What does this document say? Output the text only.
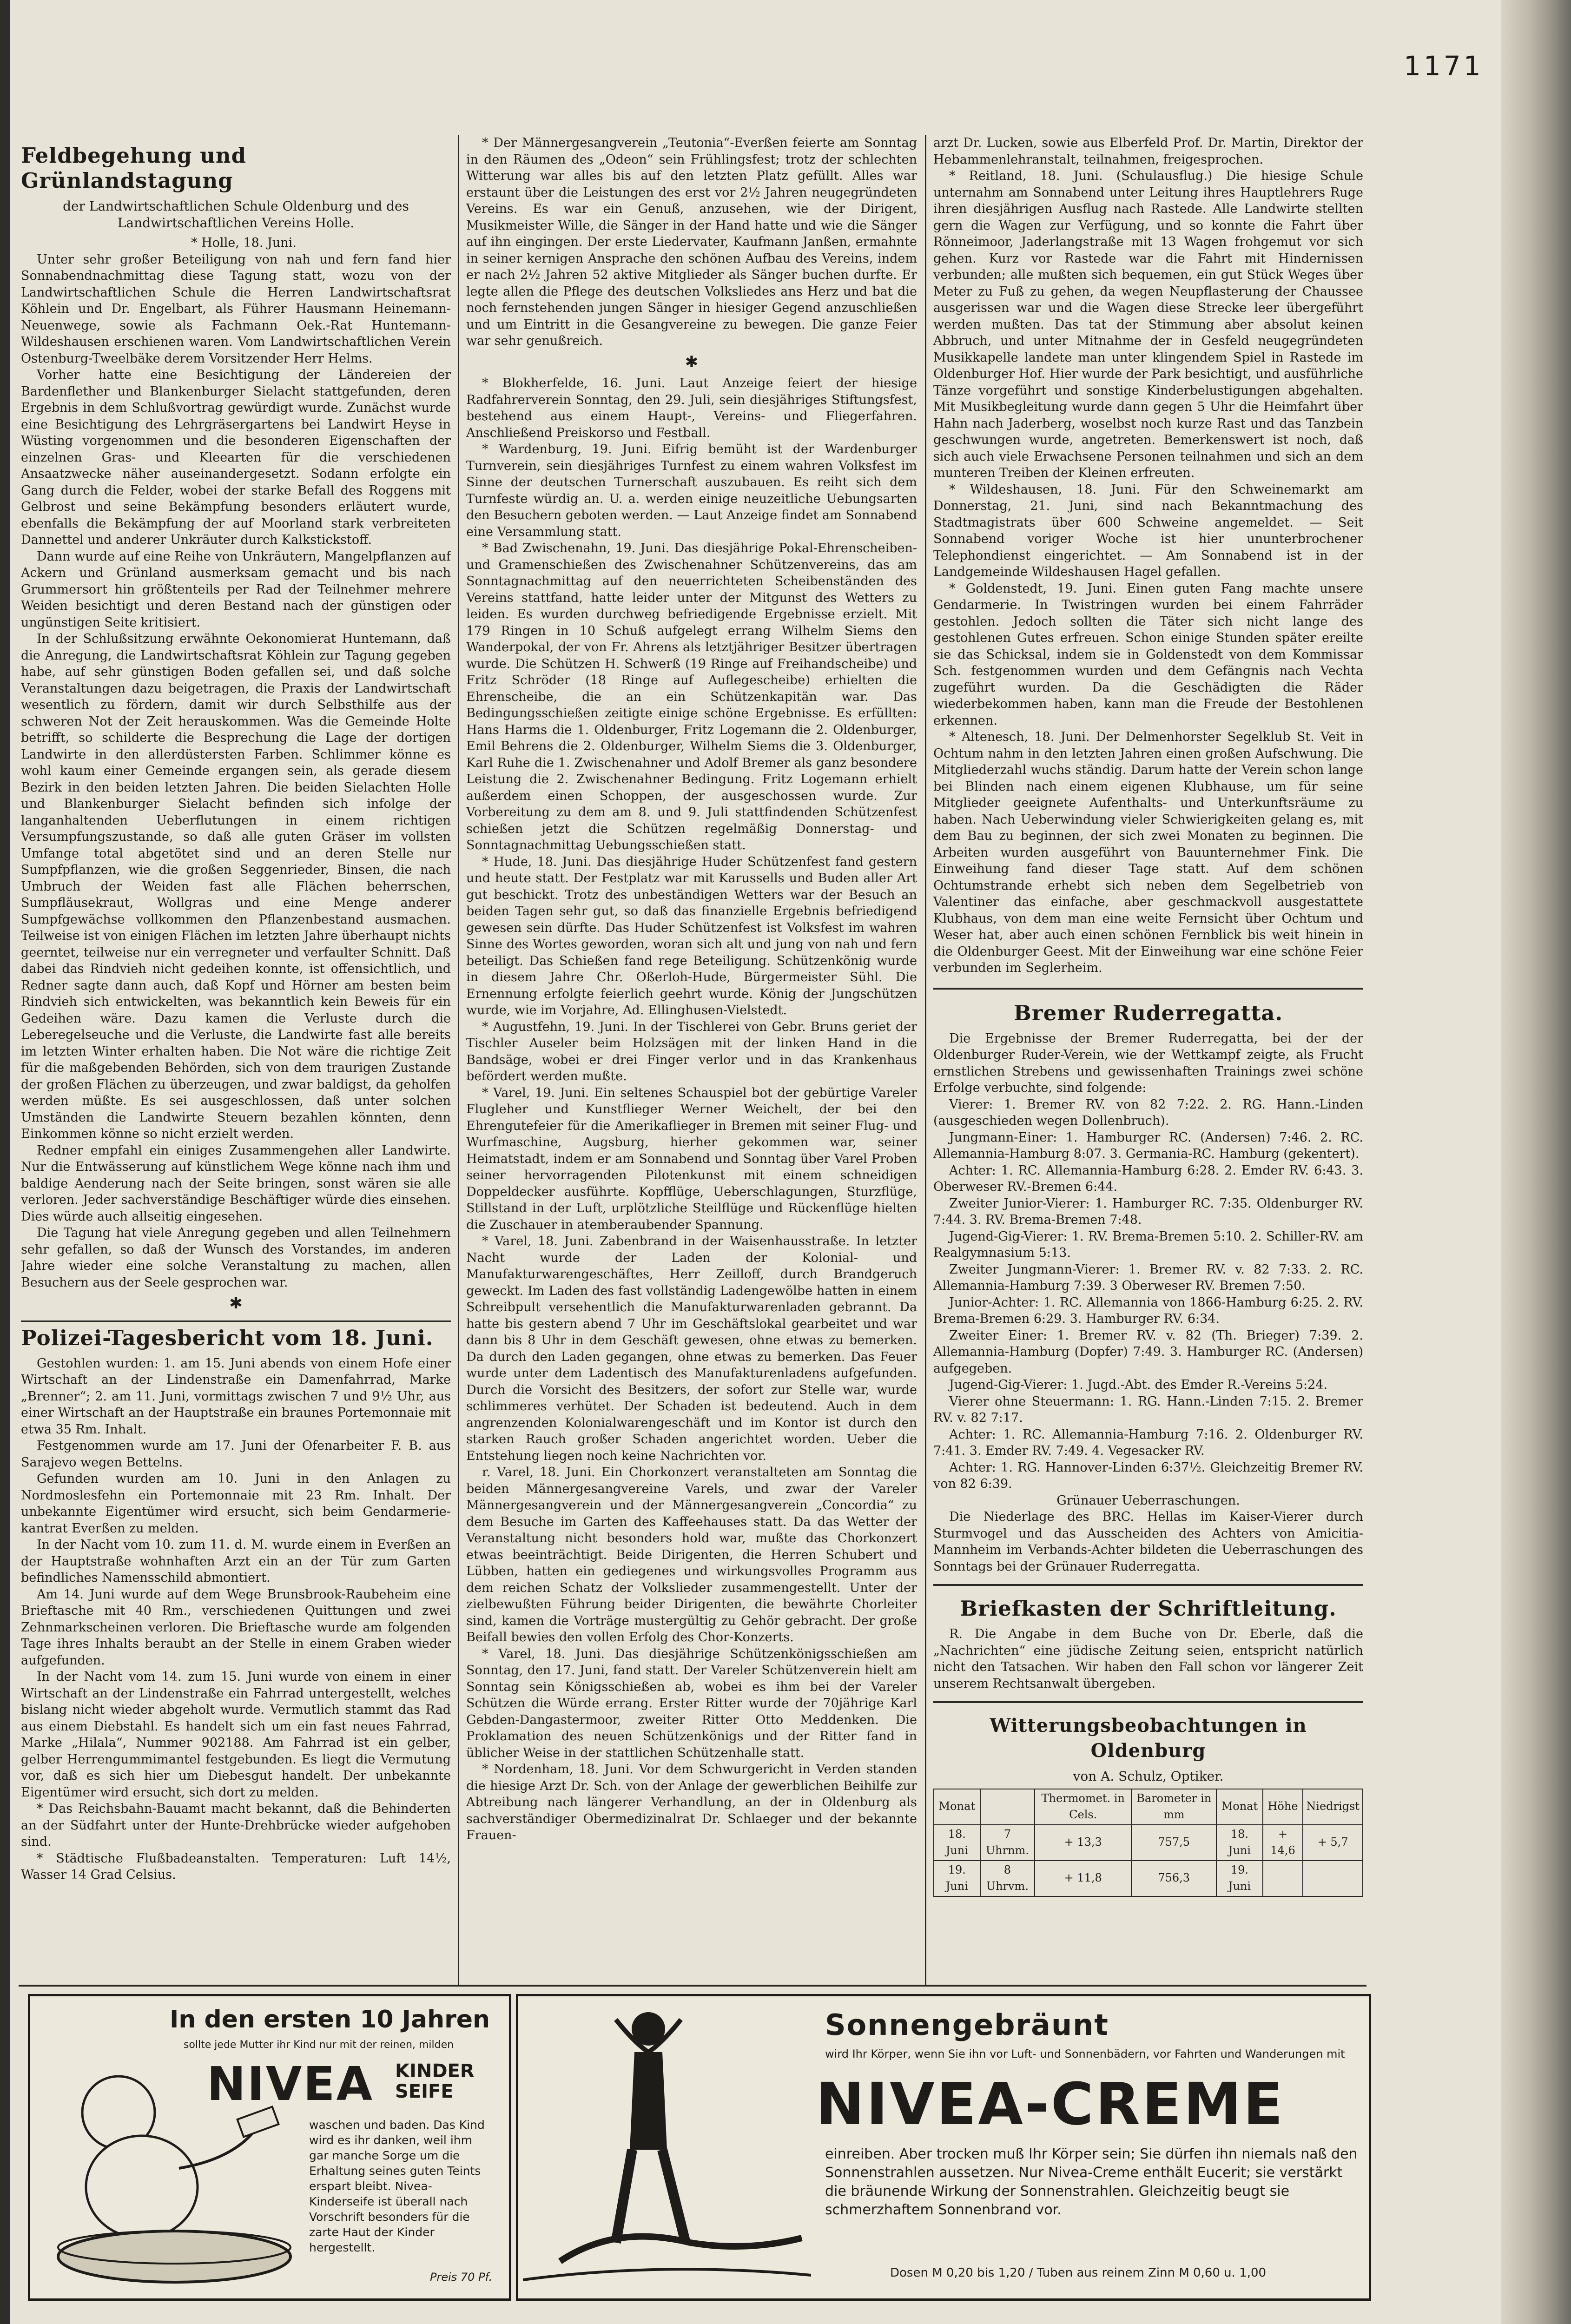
1171
Feldbegehung und Grünlandstagung
der Landwirtschaftlichen Schule Oldenburg und des Landwirtschaftlichen Vereins Holle.

* Holle, 18. Juni.

Unter sehr großer Beteiligung von nah und fern fand hier Sonnabendnachmittag diese Tagung statt, wozu von der Landwirtschaftlichen Schule die Herren Landwirtschaftsrat Köhlein und Dr. Engelbart, als Führer Hausmann Heinemann-Neuenwege, sowie als Fachmann Oek.-Rat Huntemann-Wildeshausen erschienen waren. Vom Landwirtschaftlichen Verein Ostenburg-Tweelbäke derem Vorsitzender Herr Helms.

Vorher hatte eine Besichtigung der Ländereien der Bardenflether und Blankenburger Sielacht stattgefunden, deren Ergebnis in dem Schlußvortrag gewürdigt wurde. Zunächst wurde eine Besichtigung des Lehrgräsergartens bei Landwirt Heyse in Wüsting vorgenommen und die besonderen Eigenschaften der einzelnen Gras- und Kleearten für die verschiedenen Ansaatzwecke näher auseinandergesetzt. Sodann erfolgte ein Gang durch die Felder, wobei der starke Befall des Roggens mit Gelbrost und seine Bekämpfung besonders erläutert wurde, ebenfalls die Bekämpfung der auf Moorland stark verbreiteten Dannettel und anderer Unkräuter durch Kalkstickstoff.

Dann wurde auf eine Reihe von Unkräutern, Mangelpflanzen auf Ackern und Grünland ausmerksam gemacht und bis nach Grummersort hin größtenteils per Rad der Teilnehmer mehrere Weiden besichtigt und deren Bestand nach der günstigen oder ungünstigen Seite kritisiert.

In der Schlußsitzung erwähnte Oekonomierat Huntemann, daß die Anregung, die Landwirtschaftsrat Köhlein zur Tagung gegeben habe, auf sehr günstigen Boden gefallen sei, und daß solche Veranstaltungen dazu beigetragen, die Praxis der Landwirtschaft wesentlich zu fördern, damit wir durch Selbsthilfe aus der schweren Not der Zeit herauskommen. Was die Gemeinde Holte betrifft, so schilderte die Besprechung die Lage der dortigen Landwirte in den allerdüstersten Farben. Schlimmer könne es wohl kaum einer Gemeinde ergangen sein, als gerade diesem Bezirk in den beiden letzten Jahren. Die beiden Sielachten Holle und Blankenburger Sielacht befinden sich infolge der langanhaltenden Ueberflutungen in einem richtigen Versumpfungszustande, so daß alle guten Gräser im vollsten Umfange total abgetötet sind und an deren Stelle nur Sumpfpflanzen, wie die großen Seggenrieder, Binsen, die nach Umbruch der Weiden fast alle Flächen beherrschen, Sumpfläusekraut, Wollgras und eine Menge anderer Sumpfgewächse vollkommen den Pflanzenbestand ausmachen. Teilweise ist von einigen Flächen im letzten Jahre überhaupt nichts geerntet, teilweise nur ein verregneter und verfaulter Schnitt. Daß dabei das Rindvieh nicht gedeihen konnte, ist offensichtlich, und Redner sagte dann auch, daß Kopf und Hörner am besten beim Rindvieh sich entwickelten, was bekanntlich kein Beweis für ein Gedeihen wäre. Dazu kamen die Verluste durch die Leberegelseuche und die Verluste, die Landwirte fast alle bereits im letzten Winter erhalten haben. Die Not wäre die richtige Zeit für die maßgebenden Behörden, sich von dem traurigen Zustande der großen Flächen zu überzeugen, und zwar baldigst, da geholfen werden müßte. Es sei ausgeschlossen, daß unter solchen Umständen die Landwirte Steuern bezahlen könnten, denn Einkommen könne so nicht erzielt werden.

Redner empfahl ein einiges Zusammengehen aller Landwirte. Nur die Entwässerung auf künstlichem Wege könne nach ihm und baldige Aenderung nach der Seite bringen, sonst wären sie alle verloren. Jeder sachverständige Beschäftiger würde dies einsehen. Dies würde auch allseitig eingesehen.

Die Tagung hat viele Anregung gegeben und allen Teilnehmern sehr gefallen, so daß der Wunsch des Vorstandes, im anderen Jahre wieder eine solche Veranstaltung zu machen, allen Besuchern aus der Seele gesprochen war.

✱
Polizei-Tagesbericht vom 18. Juni.

Gestohlen wurden: 1. am 15. Juni abends von einem Hofe einer Wirtschaft an der Lindenstraße ein Damenfahrrad, Marke „Brenner“; 2. am 11. Juni, vormittags zwischen 7 und 9½ Uhr, aus einer Wirtschaft an der Hauptstraße ein braunes Portemonnaie mit etwa 35 Rm. Inhalt.

Festgenommen wurde am 17. Juni der Ofenarbeiter F. B. aus Sarajevo wegen Bettelns.

Gefunden wurden am 10. Juni in den Anlagen zu Nordmoslesfehn ein Portemonnaie mit 23 Rm. Inhalt. Der unbekannte Eigentümer wird ersucht, sich beim Gendarmerie-kantrat Everßen zu melden.

In der Nacht vom 10. zum 11. d. M. wurde einem in Everßen an der Hauptstraße wohnhaften Arzt ein an der Tür zum Garten befindliches Namensschild abmontiert.

Am 14. Juni wurde auf dem Wege Brunsbrook-Raubeheim eine Brieftasche mit 40 Rm., verschiedenen Quittungen und zwei Zehnmarkscheinen verloren. Die Brieftasche wurde am folgenden Tage ihres Inhalts beraubt an der Stelle in einem Graben wieder aufgefunden.

In der Nacht vom 14. zum 15. Juni wurde von einem in einer Wirtschaft an der Lindenstraße ein Fahrrad untergestellt, welches bislang nicht wieder abgeholt wurde. Vermutlich stammt das Rad aus einem Diebstahl. Es handelt sich um ein fast neues Fahrrad, Marke „Hilala“, Nummer 902188. Am Fahrrad ist ein gelber, gelber Herrengummimantel festgebunden. Es liegt die Vermutung vor, daß es sich hier um Diebesgut handelt. Der unbekannte Eigentümer wird ersucht, sich dort zu melden.

* Das Reichsbahn-Bauamt macht bekannt, daß die Behinderten an der Südfahrt unter der Hunte-Drehbrücke wieder aufgehoben sind.

* Städtische Flußbadeanstalten. Temperaturen: Luft 14½, Wasser 14 Grad Celsius.

* Der Männergesangverein „Teutonia“-Everßen feierte am Sonntag in den Räumen des „Odeon“ sein Frühlingsfest; trotz der schlechten Witterung war alles bis auf den letzten Platz gefüllt. Alles war erstaunt über die Leistungen des erst vor 2½ Jahren neugegründeten Vereins. Es war ein Genuß, anzusehen, wie der Dirigent, Musikmeister Wille, die Sänger in der Hand hatte und wie die Sänger auf ihn eingingen. Der erste Liedervater, Kaufmann Janßen, ermahnte in seiner kernigen Ansprache den schönen Aufbau des Vereins, indem er nach 2½ Jahren 52 aktive Mitglieder als Sänger buchen durfte. Er legte allen die Pflege des deutschen Volksliedes ans Herz und bat die noch fernstehenden jungen Sänger in hiesiger Gegend anzuschließen und um Eintritt in die Gesangvereine zu bewegen. Die ganze Feier war sehr genußreich.

✱

* Blokherfelde, 16. Juni. Laut Anzeige feiert der hiesige Radfahrerverein Sonntag, den 29. Juli, sein diesjähriges Stiftungsfest, bestehend aus einem Haupt-, Vereins- und Fliegerfahren. Anschließend Preiskorso und Festball.

* Wardenburg, 19. Juni. Eifrig bemüht ist der Wardenburger Turnverein, sein diesjähriges Turnfest zu einem wahren Volksfest im Sinne der deutschen Turnerschaft auszubauen. Es reiht sich dem Turnfeste würdig an. U. a. werden einige neuzeitliche Uebungsarten den Besuchern geboten werden. — Laut Anzeige findet am Sonnabend eine Versammlung statt.

* Bad Zwischenahn, 19. Juni. Das diesjährige Pokal-Ehrenscheiben- und Gramenschießen des Zwischenahner Schützenvereins, das am Sonntagnachmittag auf den neuerrichteten Scheibenständen des Vereins stattfand, hatte leider unter der Mitgunst des Wetters zu leiden. Es wurden durchweg befriedigende Ergebnisse erzielt. Mit 179 Ringen in 10 Schuß aufgelegt errang Wilhelm Siems den Wanderpokal, der von Fr. Ahrens als letztjähriger Besitzer übertragen wurde. Die Schützen H. Schwerß (19 Ringe auf Freihandscheibe) und Fritz Schröder (18 Ringe auf Auflegescheibe) erhielten die Ehrenscheibe, die an ein Schützenkapitän war. Das Bedingungsschießen zeitigte einige schöne Ergebnisse. Es erfüllten: Hans Harms die 1. Oldenburger, Fritz Logemann die 2. Oldenburger, Emil Behrens die 2. Oldenburger, Wilhelm Siems die 3. Oldenburger, Karl Ruhe die 1. Zwischenahner und Adolf Bremer als ganz besondere Leistung die 2. Zwischenahner Bedingung. Fritz Logemann erhielt außerdem einen Schoppen, der ausgeschossen wurde. Zur Vorbereitung zu dem am 8. und 9. Juli stattfindenden Schützenfest schießen jetzt die Schützen regelmäßig Donnerstag- und Sonntagnachmittag Uebungsschießen statt.

* Hude, 18. Juni. Das diesjährige Huder Schützenfest fand gestern und heute statt. Der Festplatz war mit Karussells und Buden aller Art gut beschickt. Trotz des unbeständigen Wetters war der Besuch an beiden Tagen sehr gut, so daß das finanzielle Ergebnis befriedigend gewesen sein dürfte. Das Huder Schützenfest ist Volksfest im wahren Sinne des Wortes geworden, woran sich alt und jung von nah und fern beteiligt. Das Schießen fand rege Beteiligung. Schützenkönig wurde in diesem Jahre Chr. Oßerloh-Hude, Bürgermeister Sühl. Die Ernennung erfolgte feierlich geehrt wurde. König der Jungschützen wurde, wie im Vorjahre, Ad. Ellinghusen-Vielstedt.

* Augustfehn, 19. Juni. In der Tischlerei von Gebr. Bruns geriet der Tischler Auseler beim Holzsägen mit der linken Hand in die Bandsäge, wobei er drei Finger verlor und in das Krankenhaus befördert werden mußte.

* Varel, 19. Juni. Ein seltenes Schauspiel bot der gebürtige Vareler Flugleher und Kunstflieger Werner Weichelt, der bei den Ehrengutefeier für die Amerikaflieger in Bremen mit seiner Flug- und Wurfmaschine, Augsburg, hierher gekommen war, seiner Heimatstadt, indem er am Sonnabend und Sonntag über Varel Proben seiner hervorragenden Pilotenkunst mit einem schneidigen Doppeldecker ausführte. Kopfflüge, Ueberschlagungen, Sturzflüge, Stillstand in der Luft, urplötzliche Steilflüge und Rückenflüge hielten die Zuschauer in atemberaubender Spannung.

* Varel, 18. Juni. Zabenbrand in der Waisenhausstraße. In letzter Nacht wurde der Laden der Kolonial- und Manufakturwarengeschäftes, Herr Zeilloff, durch Brandgeruch geweckt. Im Laden des fast vollständig Ladengewölbe hatten in einem Schreibpult versehentlich die Manufakturwarenladen gebrannt. Da hatte bis gestern abend 7 Uhr im Geschäftslokal gearbeitet und war dann bis 8 Uhr in dem Geschäft gewesen, ohne etwas zu bemerken. Da durch den Laden gegangen, ohne etwas zu bemerken. Das Feuer wurde unter dem Ladentisch des Manufakturenladens aufgefunden. Durch die Vorsicht des Besitzers, der sofort zur Stelle war, wurde schlimmeres verhütet. Der Schaden ist bedeutend. Auch in dem angrenzenden Kolonialwarengeschäft und im Kontor ist durch den starken Rauch großer Schaden angerichtet worden. Ueber die Entstehung liegen noch keine Nachrichten vor.

r. Varel, 18. Juni. Ein Chorkonzert veranstalteten am Sonntag die beiden Männergesangvereine Varels, und zwar der Vareler Männergesangverein und der Männergesangverein „Concordia“ zu dem Besuche im Garten des Kaffeehauses statt. Da das Wetter der Veranstaltung nicht besonders hold war, mußte das Chorkonzert etwas beeinträchtigt. Beide Dirigenten, die Herren Schubert und Lübben, hatten ein gediegenes und wirkungsvolles Programm aus dem reichen Schatz der Volkslieder zusammengestellt. Unter der zielbewußten Führung beider Dirigenten, die bewährte Chorleiter sind, kamen die Vorträge mustergültig zu Gehör gebracht. Der große Beifall bewies den vollen Erfolg des Chor-Konzerts.

* Varel, 18. Juni. Das diesjährige Schützenkönigsschießen am Sonntag, den 17. Juni, fand statt. Der Vareler Schützenverein hielt am Sonntag sein Königsschießen ab, wobei es ihm bei der Vareler Schützen die Würde errang. Erster Ritter wurde der 70jährige Karl Gebden-Dangastermoor, zweiter Ritter Otto Meddenken. Die Proklamation des neuen Schützenkönigs und der Ritter fand in üblicher Weise in der stattlichen Schützenhalle statt.

* Nordenham, 18. Juni. Vor dem Schwurgericht in Verden standen die hiesige Arzt Dr. Sch. von der Anlage der gewerblichen Beihilfe zur Abtreibung nach längerer Verhandlung, an der in Oldenburg als sachverständiger Obermedizinalrat Dr. Schlaeger und der bekannte Frauen-

arzt Dr. Lucken, sowie aus Elberfeld Prof. Dr. Martin, Direktor der Hebammenlehranstalt, teilnahmen, freigesprochen.

* Reitland, 18. Juni. (Schulausflug.) Die hiesige Schule unternahm am Sonnabend unter Leitung ihres Hauptlehrers Ruge ihren diesjährigen Ausflug nach Rastede. Alle Landwirte stellten gern die Wagen zur Verfügung, und so konnte die Fahrt über Rönneimoor, Jaderlangstraße mit 13 Wagen frohgemut vor sich gehen. Kurz vor Rastede war die Fahrt mit Hindernissen verbunden; alle mußten sich bequemen, ein gut Stück Weges über Meter zu Fuß zu gehen, da wegen Neupflasterung der Chaussee ausgerissen war und die Wagen diese Strecke leer übergeführt werden mußten. Das tat der Stimmung aber absolut keinen Abbruch, und unter Mitnahme der in Gesfeld neugegründeten Musikkapelle landete man unter klingendem Spiel in Rastede im Oldenburger Hof. Hier wurde der Park besichtigt, und ausführliche Tänze vorgeführt und sonstige Kinderbelustigungen abgehalten. Mit Musikbegleitung wurde dann gegen 5 Uhr die Heimfahrt über Hahn nach Jaderberg, woselbst noch kurze Rast und das Tanzbein geschwungen wurde, angetreten. Bemerkenswert ist noch, daß sich auch viele Erwachsene Personen teilnahmen und sich an dem munteren Treiben der Kleinen erfreuten.

* Wildeshausen, 18. Juni. Für den Schweinemarkt am Donnerstag, 21. Juni, sind nach Bekanntmachung des Stadtmagistrats über 600 Schweine angemeldet. — Seit Sonnabend voriger Woche ist hier ununterbrochener Telephondienst eingerichtet. — Am Sonnabend ist in der Landgemeinde Wildeshausen Hagel gefallen.

* Goldenstedt, 19. Juni. Einen guten Fang machte unsere Gendarmerie. In Twistringen wurden bei einem Fahrräder gestohlen. Jedoch sollten die Täter sich nicht lange des gestohlenen Gutes erfreuen. Schon einige Stunden später ereilte sie das Schicksal, indem sie in Goldenstedt von dem Kommissar Sch. festgenommen wurden und dem Gefängnis nach Vechta zugeführt wurden. Da die Geschädigten die Räder wiederbekommen haben, kann man die Freude der Bestohlenen erkennen.

* Altenesch, 18. Juni. Der Delmenhorster Segelklub St. Veit in Ochtum nahm in den letzten Jahren einen großen Aufschwung. Die Mitgliederzahl wuchs ständig. Darum hatte der Verein schon lange bei Blinden nach einem eigenen Klubhause, um für seine Mitglieder geeignete Aufenthalts- und Unterkunftsräume zu haben. Nach Ueberwindung vieler Schwierigkeiten gelang es, mit dem Bau zu beginnen, der sich zwei Monaten zu beginnen. Die Arbeiten wurden ausgeführt von Bauunternehmer Fink. Die Einweihung fand dieser Tage statt. Auf dem schönen Ochtumstrande erhebt sich neben dem Segelbetrieb von Valentiner das einfache, aber geschmackvoll ausgestattete Klubhaus, von dem man eine weite Fernsicht über Ochtum und Weser hat, aber auch einen schönen Fernblick bis weit hinein in die Oldenburger Geest. Mit der Einweihung war eine schöne Feier verbunden im Seglerheim.

Bremer Ruderregatta.

Die Ergebnisse der Bremer Ruderregatta, bei der der Oldenburger Ruder-Verein, wie der Wettkampf zeigte, als Frucht ernstlichen Strebens und gewissenhaften Trainings zwei schöne Erfolge verbuchte, sind folgende:

Vierer: 1. Bremer RV. von 82 7:22. 2. RG. Hann.-Linden (ausgeschieden wegen Dollenbruch).

Jungmann-Einer: 1. Hamburger RC. (Andersen) 7:46. 2. RC. Allemannia-Hamburg 8:07. 3. Germania-RC. Hamburg (gekentert).

Achter: 1. RC. Allemannia-Hamburg 6:28. 2. Emder RV. 6:43. 3. Oberweser RV.-Bremen 6:44.

Zweiter Junior-Vierer: 1. Hamburger RC. 7:35. Oldenburger RV. 7:44. 3. RV. Brema-Bremen 7:48.

Jugend-Gig-Vierer: 1. RV. Brema-Bremen 5:10. 2. Schiller-RV. am Realgymnasium 5:13.

Zweiter Jungmann-Vierer: 1. Bremer RV. v. 82 7:33. 2. RC. Allemannia-Hamburg 7:39. 3 Oberweser RV. Bremen 7:50.

Junior-Achter: 1. RC. Allemannia von 1866-Hamburg 6:25. 2. RV. Brema-Bremen 6:29. 3. Hamburger RV. 6:34.

Zweiter Einer: 1. Bremer RV. v. 82 (Th. Brieger) 7:39. 2. Allemannia-Hamburg (Dopfer) 7:49. 3. Hamburger RC. (Andersen) aufgegeben.

Jugend-Gig-Vierer: 1. Jugd.-Abt. des Emder R.-Vereins 5:24.

Vierer ohne Steuermann: 1. RG. Hann.-Linden 7:15. 2. Bremer RV. v. 82 7:17.

Achter: 1. RC. Allemannia-Hamburg 7:16. 2. Oldenburger RV. 7:41. 3. Emder RV. 7:49. 4. Vegesacker RV.

Achter: 1. RG. Hannover-Linden 6:37½. Gleichzeitig Bremer RV. von 82 6:39.

Grünauer Ueberraschungen.

Die Niederlage des BRC. Hellas im Kaiser-Vierer durch Sturmvogel und das Ausscheiden des Achters von Amicitia-Mannheim im Verbands-Achter bildeten die Ueberraschungen des Sonntags bei der Grünauer Ruderregatta.

Briefkasten der Schriftleitung.

R. Die Angabe in dem Buche von Dr. Eberle, daß die „Nachrichten“ eine jüdische Zeitung seien, entspricht natürlich nicht den Tatsachen. Wir haben den Fall schon vor längerer Zeit unserem Rechtsanwalt übergeben.

Witterungsbeobachtungen in Oldenburg
von A. Schulz, Optiker.
Monat		Thermomet. in Cels.	Barometer in mm	Monat	Höhe	Niedrigst
18. Juni	7 Uhrnm.	+ 13,3	757,5	18. Juni	+ 14,6	+ 5,7
19. Juni	8 Uhrvm.	+ 11,8	756,3	19. Juni		
In den ersten 10 Jahren
sollte jede Mutter ihr Kind nur mit der reinen, milden
NIVEA KINDER
SEIFE
waschen und baden. Das Kind wird es ihr danken, weil ihm gar manche Sorge um die Erhaltung seines guten Teints erspart bleibt. Nivea-Kinderseife ist überall nach Vorschrift besonders für die zarte Haut der Kinder hergestellt.
Preis 70 Pf.
Sonnengebräunt
wird Ihr Körper, wenn Sie ihn vor Luft- und Sonnenbädern, vor Fahrten und Wanderungen mit
NIVEA-CREME
einreiben. Aber trocken muß Ihr Körper sein; Sie dürfen ihn niemals naß den Sonnenstrahlen aussetzen. Nur Nivea-Creme enthält Eucerit; sie verstärkt die bräunende Wirkung der Sonnenstrahlen. Gleichzeitig beugt sie schmerzhaftem Sonnenbrand vor.
Dosen M 0,20 bis 1,20 / Tuben aus reinem Zinn M 0,60 u. 1,00
